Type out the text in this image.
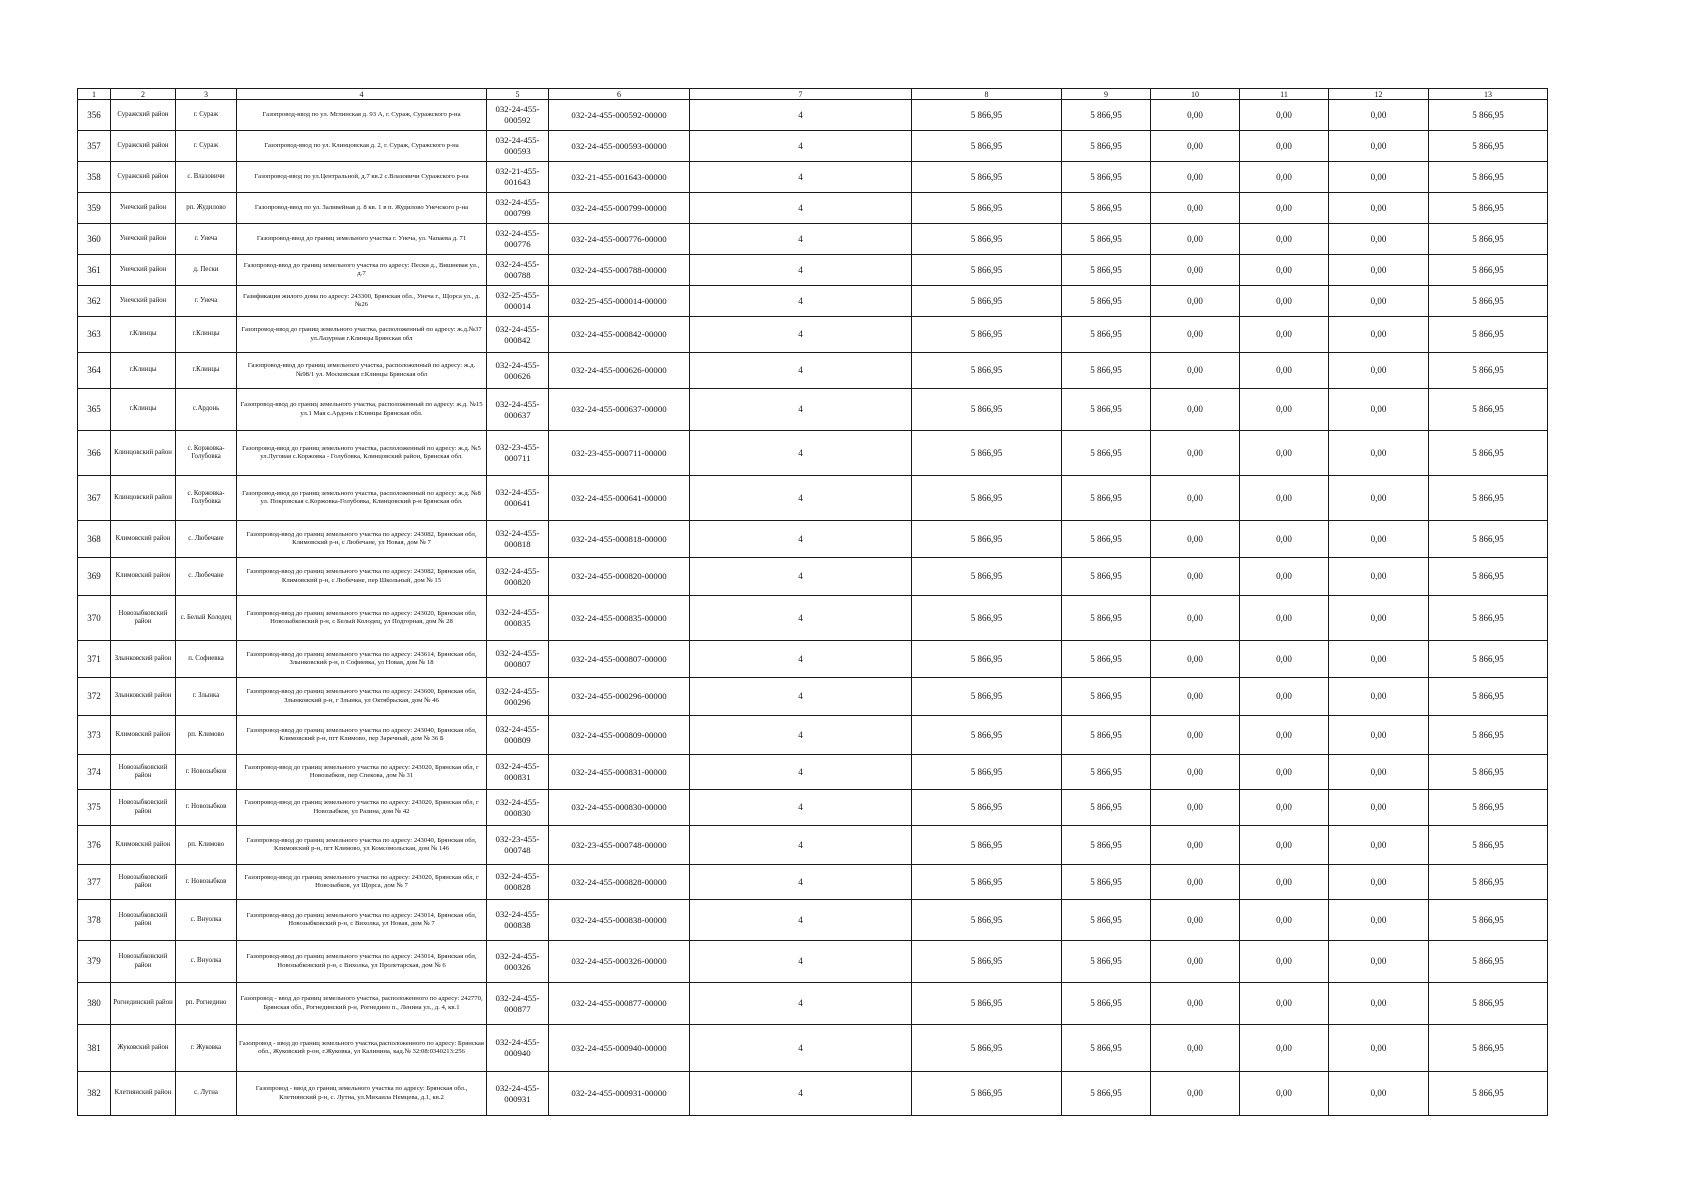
1	2	3	4	5	6	7	8	9	10	11	12	13
356	Суражский район	г. Сураж	Газопровод-ввод по ул. Мглинская д. 93 А, г. Сураж, Суражского р-на	032-24-455-000592	032-24-455-000592-00000	4	5 866,95	5 866,95	0,00	0,00	0,00	5 866,95
357	Суражский район	г. Сураж	Газопровод-ввод по ул. Клинцовская д. 2, г. Сураж, Суражского р-на	032-24-455-000593	032-24-455-000593-00000	4	5 866,95	5 866,95	0,00	0,00	0,00	5 866,95
358	Суражский район	с. Влазовичи	Газопровод-ввод по ул.Центральной, д.7 кв.2 с.Влазовичи Суражского р-на	032-21-455-001643	032-21-455-001643-00000	4	5 866,95	5 866,95	0,00	0,00	0,00	5 866,95
359	Унечский район	рп. Жудилово	Газопровод-ввод по ул. Заливейная д. 8 кв. 1 в п. Жудилово Унечского р-на	032-24-455-000799	032-24-455-000799-00000	4	5 866,95	5 866,95	0,00	0,00	0,00	5 866,95
360	Унечский район	г. Унеча	Газопровод-ввод до границ земельного участка г. Унеча, ул. Чапаева д. 71	032-24-455-000776	032-24-455-000776-00000	4	5 866,95	5 866,95	0,00	0,00	0,00	5 866,95
361	Унечский район	д. Пески	Газопровод-ввод до границ земельного участка по адресу: Пески д., Вишневая ул., д.7	032-24-455-000788	032-24-455-000788-00000	4	5 866,95	5 866,95	0,00	0,00	0,00	5 866,95
362	Унечский район	г. Унеча	Газификация жилого дома по адресу: 243300, Брянская обл., Унеча г., Щорса ул., д. №26	032-25-455-000014	032-25-455-000014-00000	4	5 866,95	5 866,95	0,00	0,00	0,00	5 866,95
363	г.Клинцы	г.Клинцы	Газопровод-ввод до границ земельного участка, расположенный по адресу: ж.д.№37 ул.Лазурная г.Клинцы Брянская обл	032-24-455-000842	032-24-455-000842-00000	4	5 866,95	5 866,95	0,00	0,00	0,00	5 866,95
364	г.Клинцы	г.Клинцы	Газопровод-ввод до границ земельного участка, расположенный по адресу: ж.д. №98/1 ул. Московская г.Клинцы Брянская обл	032-24-455-000626	032-24-455-000626-00000	4	5 866,95	5 866,95	0,00	0,00	0,00	5 866,95
365	г.Клинцы	с.Ардонь	Газопровод-ввод до границ земельного участка, расположенный по адресу: ж.д. №15 ул.1 Мая с.Ардонь г.Клинцы Брянская обл.	032-24-455-000637	032-24-455-000637-00000	4	5 866,95	5 866,95	0,00	0,00	0,00	5 866,95
366	Клинцовский район	с. Коржовка-Голубовка	Газопровод-ввод до границ земельного участка, расположенный по адресу: ж.д. №5 ул.Луговая с.Коржовка - Голубовка, Клинцовский район, Брянская обл.	032-23-455-000711	032-23-455-000711-00000	4	5 866,95	5 866,95	0,00	0,00	0,00	5 866,95
367	Клинцовский район	с. Коржовка-Голубовка	Газопровод-ввод до границ земельного участка, расположенный по адресу: ж.д. №8 ул. Покровская с.Коржовка-Голубовка, Клинцовский р-н Брянская обл.	032-24-455-000641	032-24-455-000641-00000	4	5 866,95	5 866,95	0,00	0,00	0,00	5 866,95
368	Климовский район	с. Любечане	Газопровод-ввод до границ земельного участка по адресу: 243082, Брянская обл, Климовский р-н, с Любечане, ул Новая, дом № 7	032-24-455-000818	032-24-455-000818-00000	4	5 866,95	5 866,95	0,00	0,00	0,00	5 866,95
369	Климовский район	с. Любечане	Газопровод-ввод до границ земельного участка по адресу: 243082, Брянская обл, Климовский р-н, с Любечане, пер Школьный, дом № 15	032-24-455-000820	032-24-455-000820-00000	4	5 866,95	5 866,95	0,00	0,00	0,00	5 866,95
370	Новозыбковский район	с. Белый Колодец	Газопровод-ввод до границ земельного участка по адресу: 243020, Брянская обл, Новозыбковский р-н, с Белый Колодец, ул Подгорная, дом № 28	032-24-455-000835	032-24-455-000835-00000	4	5 866,95	5 866,95	0,00	0,00	0,00	5 866,95
371	Злынковский район	п. Софиевка	Газопровод-ввод до границ земельного участка по адресу: 243614, Брянская обл, Злынковский р-н, п Софиевка, ул Новая, дом № 18	032-24-455-000807	032-24-455-000807-00000	4	5 866,95	5 866,95	0,00	0,00	0,00	5 866,95
372	Злынковский район	г. Злынка	Газопровод-ввод до границ земельного участка по адресу: 243600, Брянская обл, Злынковский р-н, г Злынка, ул Октябрьская, дом № 46	032-24-455-000296	032-24-455-000296-00000	4	5 866,95	5 866,95	0,00	0,00	0,00	5 866,95
373	Климовский район	рп. Климово	Газопровод-ввод до границ земельного участка по адресу: 243040, Брянская обл, Климовский р-н, пгт Климово, пер Заречный, дом № 36 Б	032-24-455-000809	032-24-455-000809-00000	4	5 866,95	5 866,95	0,00	0,00	0,00	5 866,95
374	Новозыбковский район	г. Новозыбков	Газопровод-ввод до границ земельного участка по адресу: 243020, Брянская обл, г Новозыбков, пер Спекова, дом № 31	032-24-455-000831	032-24-455-000831-00000	4	5 866,95	5 866,95	0,00	0,00	0,00	5 866,95
375	Новозыбковский район	г. Новозыбков	Газопровод-ввод до границ земельного участка по адресу: 243020, Брянская обл, г Новозыбков, ул Разина, дом № 42	032-24-455-000830	032-24-455-000830-00000	4	5 866,95	5 866,95	0,00	0,00	0,00	5 866,95
376	Климовский район	рп. Климово	Газопровод-ввод до границ земельного участка по адресу: 243040, Брянская обл, Климовский р-н, пгт Климово, ул Комсомольская, дом № 146	032-23-455-000748	032-23-455-000748-00000	4	5 866,95	5 866,95	0,00	0,00	0,00	5 866,95
377	Новозыбковский район	г. Новозыбков	Газопровод-ввод до границ земельного участка по адресу: 243020, Брянская обл, г Новозыбков, ул Щорса, дом № 7	032-24-455-000828	032-24-455-000828-00000	4	5 866,95	5 866,95	0,00	0,00	0,00	5 866,95
378	Новозыбковский район	с. Внуолка	Газопровод-ввод до границ земельного участка по адресу: 243014, Брянская обл, Новозыбковский р-н, с Вихолка, ул Новая, дом № 7	032-24-455-000838	032-24-455-000838-00000	4	5 866,95	5 866,95	0,00	0,00	0,00	5 866,95
379	Новозыбковский район	с. Внуолка	Газопровод-ввод до границ земельного участка по адресу: 243014, Брянская обл, Новозыбковский р-н, с Вихолка, ул Пролетарская, дом № 6	032-24-455-000326	032-24-455-000326-00000	4	5 866,95	5 866,95	0,00	0,00	0,00	5 866,95
380	Рогнединский район	рп. Рогнедино	Газопровод - ввод до границ земельного участка, расположенного по адресу: 242770, Брянская обл., Рогнединский р-н, Рогнедино п., Ленина ул., д. 4, кв.1	032-24-455-000877	032-24-455-000877-00000	4	5 866,95	5 866,95	0,00	0,00	0,00	5 866,95
381	Жуковский район	г. Жуковка	Газопровод - ввод до границ земельного участка,расположенного по адресу: Брянская обл., Жуковский р-он, г.Жуковка, ул Калинина, кад.№ 32:08:0340213:256	032-24-455-000940	032-24-455-000940-00000	4	5 866,95	5 866,95	0,00	0,00	0,00	5 866,95
382	Клетнянский район	с. Лутна	Газопровод - ввод до границ земельного участка по адресу: Брянская обл., Клетнянский р-н, с. Лутна, ул.Михаила Немцева, д.1, кв.2	032-24-455-000931	032-24-455-000931-00000	4	5 866,95	5 866,95	0,00	0,00	0,00	5 866,95
